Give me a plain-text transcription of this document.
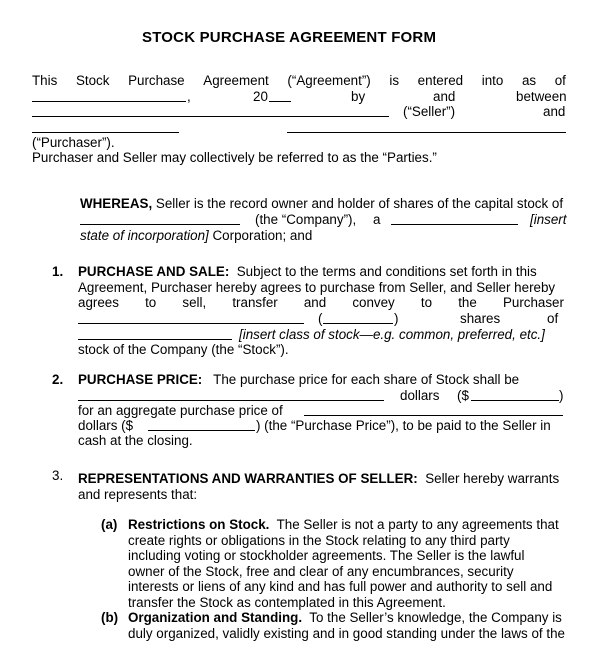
STOCK PURCHASE AGREEMENT FORM
This Stock Purchase Agreement (“Agreement”) is entered into as of
,	20	by	and	between
(“Seller”)	and
(“Purchaser”).
Purchaser and Seller may collectively be referred to as the “Parties.”
WHEREAS, Seller is the record owner and holder of shares of the capital stock of
(the “Company”), a	[insert
state of incorporation] Corporation; and
1. PURCHASE AND SALE: Subject to the terms and conditions set forth in this
Agreement, Purchaser hereby agrees to purchase from Seller, and Seller hereby
agrees to sell, transfer and convey to the Purchaser
(	)	shares	of
[insert class of stock—e.g. common, preferred, etc.]
stock of the Company (the “Stock”).
2. PURCHASE PRICE: The purchase price for each share of Stock shall be
dollars ($	)
for an aggregate purchase price of
dollars ($	) (the “Purchase Price”), to be paid to the Seller in
cash at the closing.
3. REPRESENTATIONS AND WARRANTIES OF SELLER: Seller hereby warrants
and represents that:
(a) Restrictions on Stock. The Seller is not a party to any agreements that
create rights or obligations in the Stock relating to any third party
including voting or stockholder agreements. The Seller is the lawful
owner of the Stock, free and clear of any encumbrances, security
interests or liens of any kind and has full power and authority to sell and
transfer the Stock as contemplated in this Agreement.
(b) Organization and Standing. To the Seller’s knowledge, the Company is
duly organized, validly existing and in good standing under the laws of the
